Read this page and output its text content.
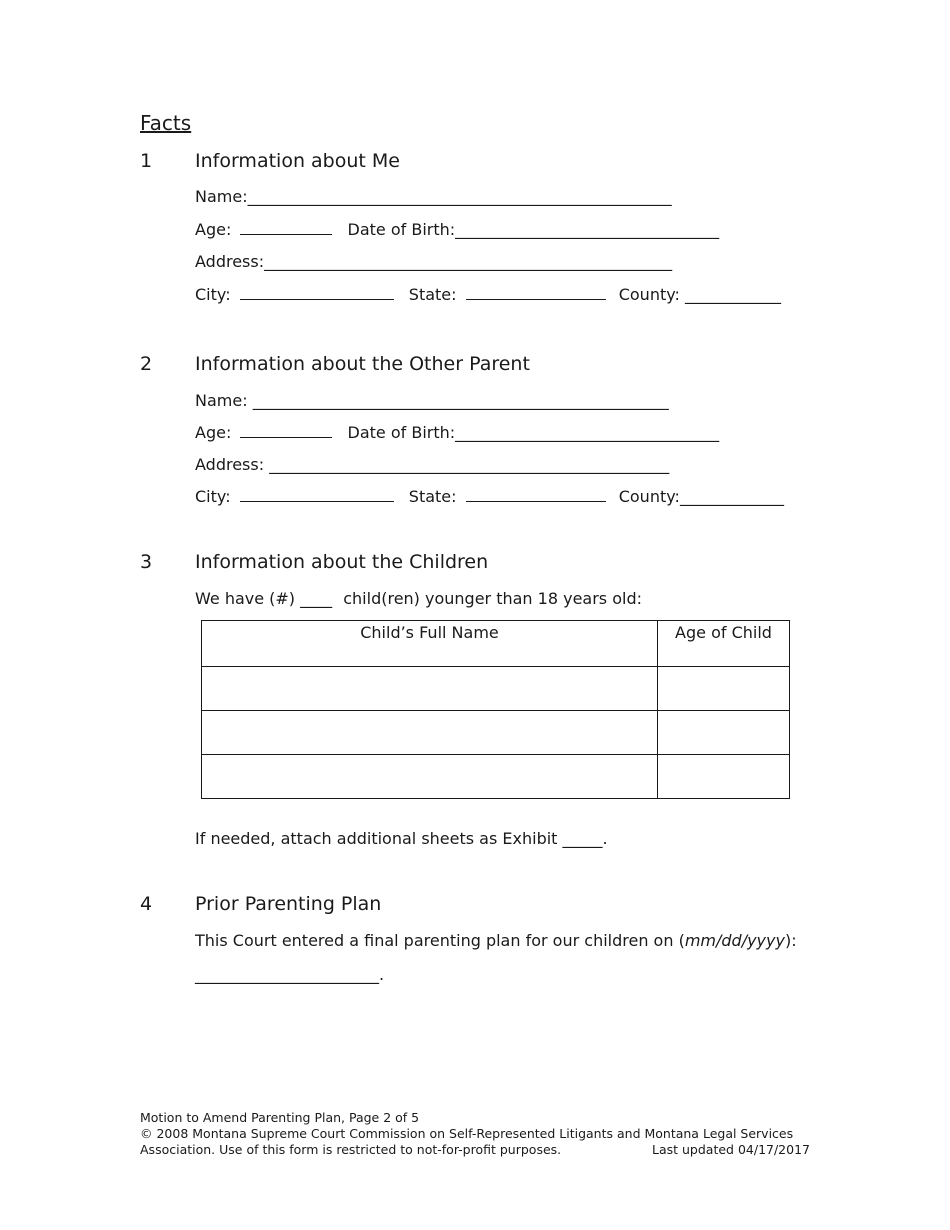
Facts
1 Information about Me
Name:_____________________________________________________
Age:	Date of Birth:_________________________________
Address:___________________________________________________
City:	State:	County: ____________
2 Information about the Other Parent
Name: ____________________________________________________
Age:	Date of Birth:_________________________________
Address: __________________________________________________
City:	State:	County:_____________
3 Information about the Children
We have (#) ____ child(ren) younger than 18 years old:
Child’s Full Name	Age of Child

If needed, attach additional sheets as Exhibit _____.
4 Prior Parenting Plan
This Court entered a final parenting plan for our children on (mm/dd/yyyy):
_______________________.
Motion to Amend Parenting Plan, Page 2 of 5
© 2008 Montana Supreme Court Commission on Self-Represented Litigants and Montana Legal Services
Association. Use of this form is restricted to not-for-profit purposes.	Last updated 04/17/2017
